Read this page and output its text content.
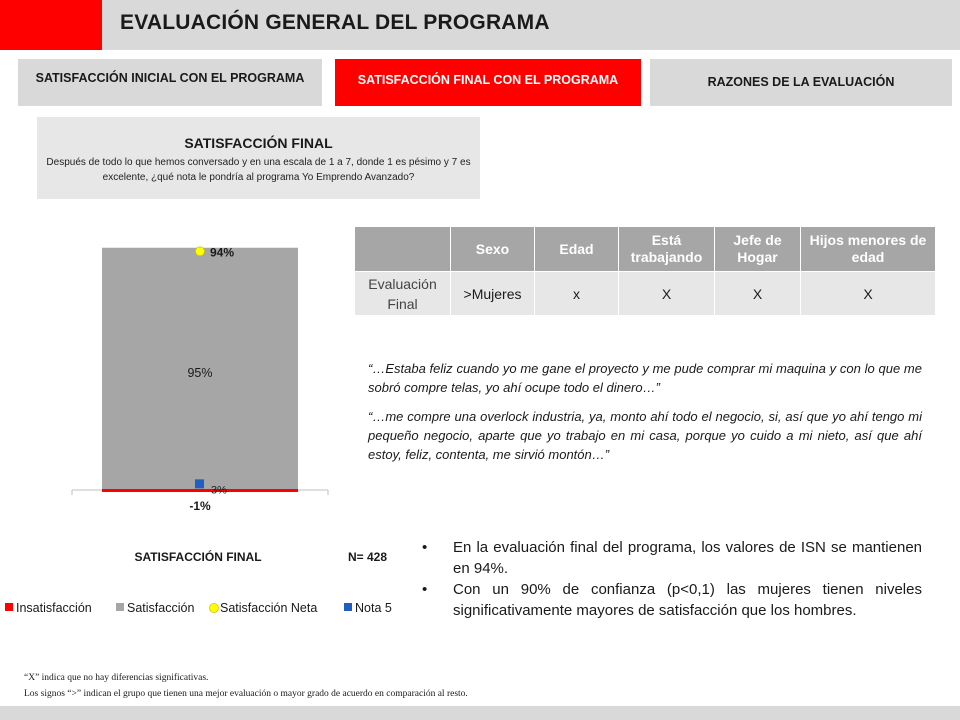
EVALUACIÓN GENERAL DEL PROGRAMA
SATISFACCIÓN INICIAL CON EL PROGRAMA	SATISFACCIÓN FINAL CON EL PROGRAMA	RAZONES DE LA EVALUACIÓN
SATISFACCIÓN FINAL
Después de todo lo que hemos conversado y en una escala de 1 a 7, donde 1 es pésimo y 7 es excelente, ¿qué nota le pondría al programa Yo Emprendo Avanzado?
95%
-1%
94%
3%
SATISFACCIÓN FINAL	N= 428
Insatisfacción	Satisfacción Satisfacción Neta	Nota 5
	Sexo	Edad	Está trabajando	Jefe de Hogar	Hijos menores de edad
Evaluación Final	>Mujeres	x	X	X	X

“…Estaba feliz cuando yo me gane el proyecto y me pude comprar mi maquina y con lo que me sobró compre telas, yo ahí ocupe todo el dinero…”

“…me compre una overlock industria, ya, monto ahí todo el negocio, si, así que yo ahí tengo mi pequeño negocio, aparte que yo trabajo en mi casa, porque yo cuido a mi nieto, así que ahí estoy, feliz, contenta, me sirvió montón…”

• En la evaluación final del programa, los valores de ISN se mantienen en 94%.
• Con un 90% de confianza (p<0,1) las mujeres tienen niveles significativamente mayores de satisfacción que los hombres.
“X” indica que no hay diferencias significativas.
Los signos “>” indican el grupo que tienen una mejor evaluación o mayor grado de acuerdo en comparación al resto.
